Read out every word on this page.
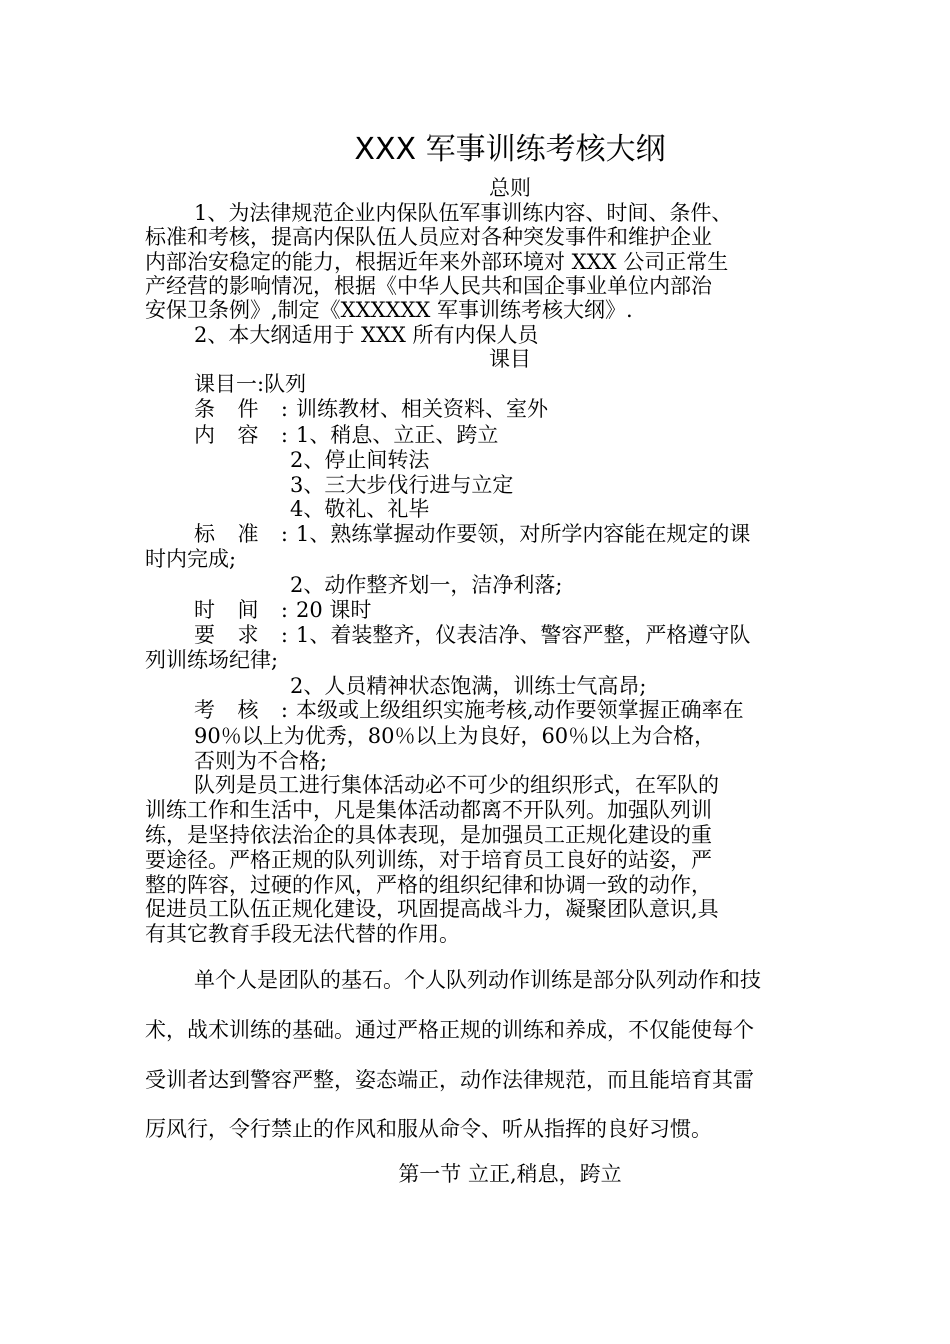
XXX 军事训练考核大纲
总则
1、为法律规范企业内保队伍军事训练内容、时间、条件、
标准和考核，提高内保队伍人员应对各种突发事件和维护企业
内部治安稳定的能力，根据近年来外部环境对 XXX 公司正常生
产经营的影响情况，根据《中华人民共和国企事业单位内部治
安保卫条例》,制定《XXXXXX 军事训练考核大纲》.
2、本大纲适用于 XXX 所有内保人员
课目
课目一:队列
条件: 训练教材、相关资料、室外
内容: 1、稍息、立正、跨立
2、停止间转法
3、三大步伐行进与立定
4、敬礼、礼毕
标准: 1、熟练掌握动作要领，对所学内容能在规定的课
时内完成;
2、动作整齐划一，洁净利落;
时间: 20 课时
要求: 1、着装整齐，仪表洁净、警容严整，严格遵守队
列训练场纪律;
2、人员精神状态饱满，训练士气高昂;
考核: 本级或上级组织实施考核,动作要领掌握正确率在
90％以上为优秀，80％以上为良好，60％以上为合格，
否则为不合格;
队列是员工进行集体活动必不可少的组织形式，在军队的
训练工作和生活中，凡是集体活动都离不开队列。加强队列训
练，是坚持依法治企的具体表现，是加强员工正规化建设的重
要途径。严格正规的队列训练，对于培育员工良好的站姿，严
整的阵容，过硬的作风，严格的组织纪律和协调一致的动作，
促进员工队伍正规化建设，巩固提高战斗力，凝聚团队意识,具
有其它教育手段无法代替的作用。
单个人是团队的基石。个人队列动作训练是部分队列动作和技
术，战术训练的基础。通过严格正规的训练和养成，不仅能使每个
受训者达到警容严整，姿态端正，动作法律规范，而且能培育其雷
厉风行，令行禁止的作风和服从命令、听从指挥的良好习惯。
第一节 立正,稍息，跨立
